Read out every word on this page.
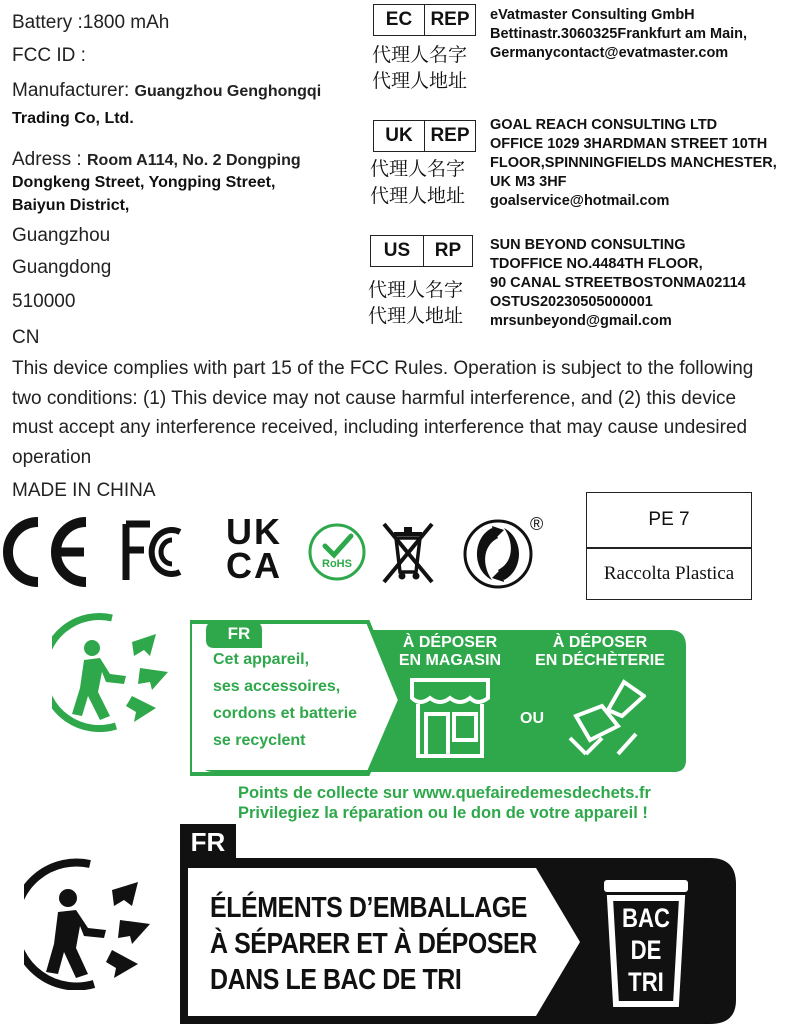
Battery :1800 mAh
FCC ID :
Manufacturer: Guangzhou Genghongqi
Trading Co, Ltd.
Adress : Room A114, No. 2 Dongping
Dongkeng Street, Yongping Street,
Baiyun District,
Guangzhou
Guangdong
510000
CN
EC REP
代理人名字
代理人地址
eVatmaster Consulting GmbH
Bettinastr.3060325Frankfurt am Main,
Germanycontact@evatmaster.com
UK REP
代理人名字
代理人地址
GOAL REACH CONSULTING LTD
OFFICE 1029 3HARDMAN STREET 10TH
FLOOR,SPINNINGFIELDS MANCHESTER,
UK M3 3HF
goalservice@hotmail.com
US	RP
代理人名字
代理人地址
SUN BEYOND CONSULTING
TDOFFICE NO.4484TH FLOOR,
90 CANAL STREETBOSTONMA02114
OSTUS20230505000001
mrsunbeyond@gmail.com
This device complies with part 15 of the FCC Rules. Operation is subject to the following two conditions: (1) This device may not cause harmful interference, and (2) this device must accept any interference received, including interference that may cause undesired operation
MADE IN CHINA
UK
CA	RoHS
®	PE 7
Raccolta Plastica
FR
Cet appareil,
ses accessoires,
cordons et batterie
se recyclent
À DÉPOSER
EN MAGASIN
OU
À DÉPOSER
EN DÉCHÈTERIE
Points de collecte sur www.quefairedemesdechets.fr
Privilegiez la réparation ou le don de votre appareil !
FR
ÉLÉMENTS D’EMBALLAGE
À SÉPARER ET À DÉPOSER
DANS LE BAC DE TRI
BAC
DE
TRI
